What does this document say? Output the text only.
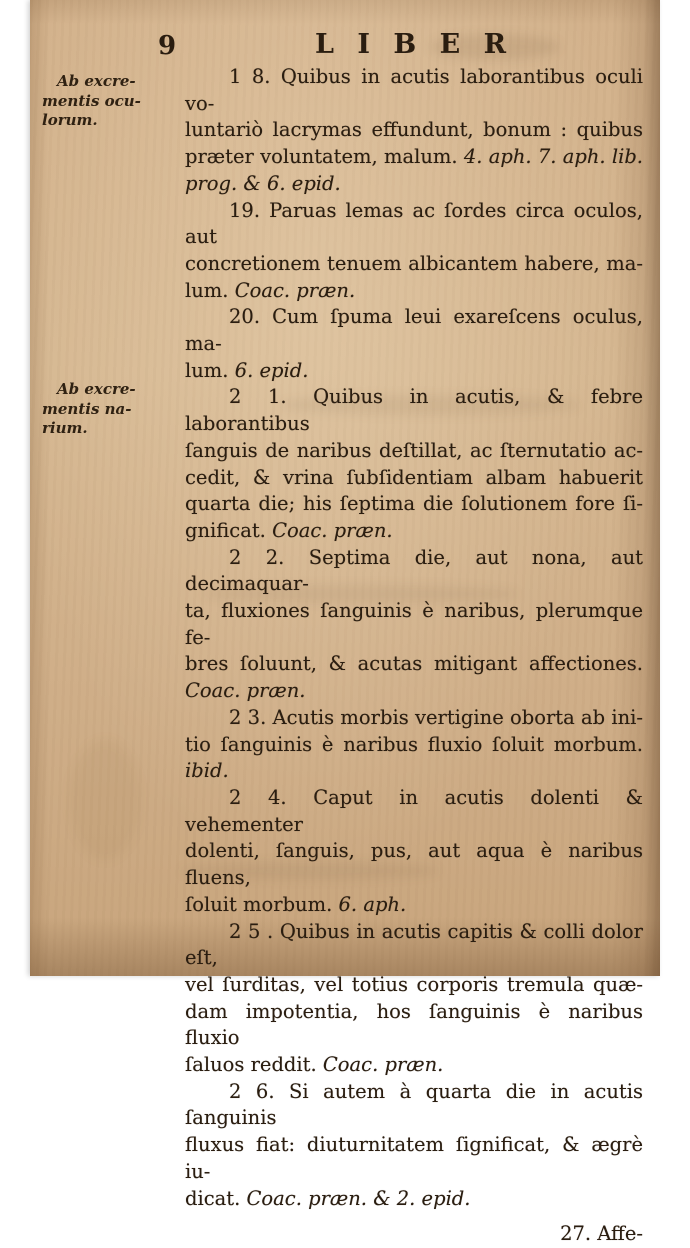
9	L I B E R
Ab excre-
mentis ocu-
lorum.
Ab excre-
mentis na-
rium.
1 8. Quibus in acutis laborantibus oculi vo-
luntariò lacrymas effundunt, bonum : quibus
præter voluntatem, malum. 4. aph. 7. aph. lib.
prog. & 6. epid.
19. Paruas lemas ac ſordes circa oculos, aut
concretionem tenuem albicantem habere, ma-
lum. Coac. præn.
20. Cum ſpuma leui exareſcens oculus, ma-
lum. 6. epid.
2 1. Quibus in acutis, & febre laborantibus
ſanguis de naribus deſtillat, ac ſternutatio ac-
cedit, & vrina ſubſidentiam albam habuerit
quarta die; his ſeptima die ſolutionem fore ſi-
gnificat. Coac. præn.
2 2. Septima die, aut nona, aut decimaquar-
ta, fluxiones ſanguinis è naribus, plerumque fe-
bres ſoluunt, & acutas mitigant affectiones.
Coac. præn.
2 3. Acutis morbis vertigine oborta ab ini-
tio ſanguinis è naribus fluxio ſoluit morbum.
ibid.
2 4. Caput in acutis dolenti & vehementer
dolenti, ſanguis, pus, aut aqua è naribus fluens,
ſoluit morbum. 6. aph.
2 5 . Quibus in acutis capitis & colli dolor eſt,
vel ſurditas, vel totius corporis tremula quæ-
dam impotentia, hos ſanguinis è naribus fluxio
ſaluos reddit. Coac. præn.
2 6. Si autem à quarta die in acutis ſanguinis
fluxus fiat: diuturnitatem ſignificat, & ægrè iu-
dicat. Coac. præn. & 2. epid.
27. Affe-
